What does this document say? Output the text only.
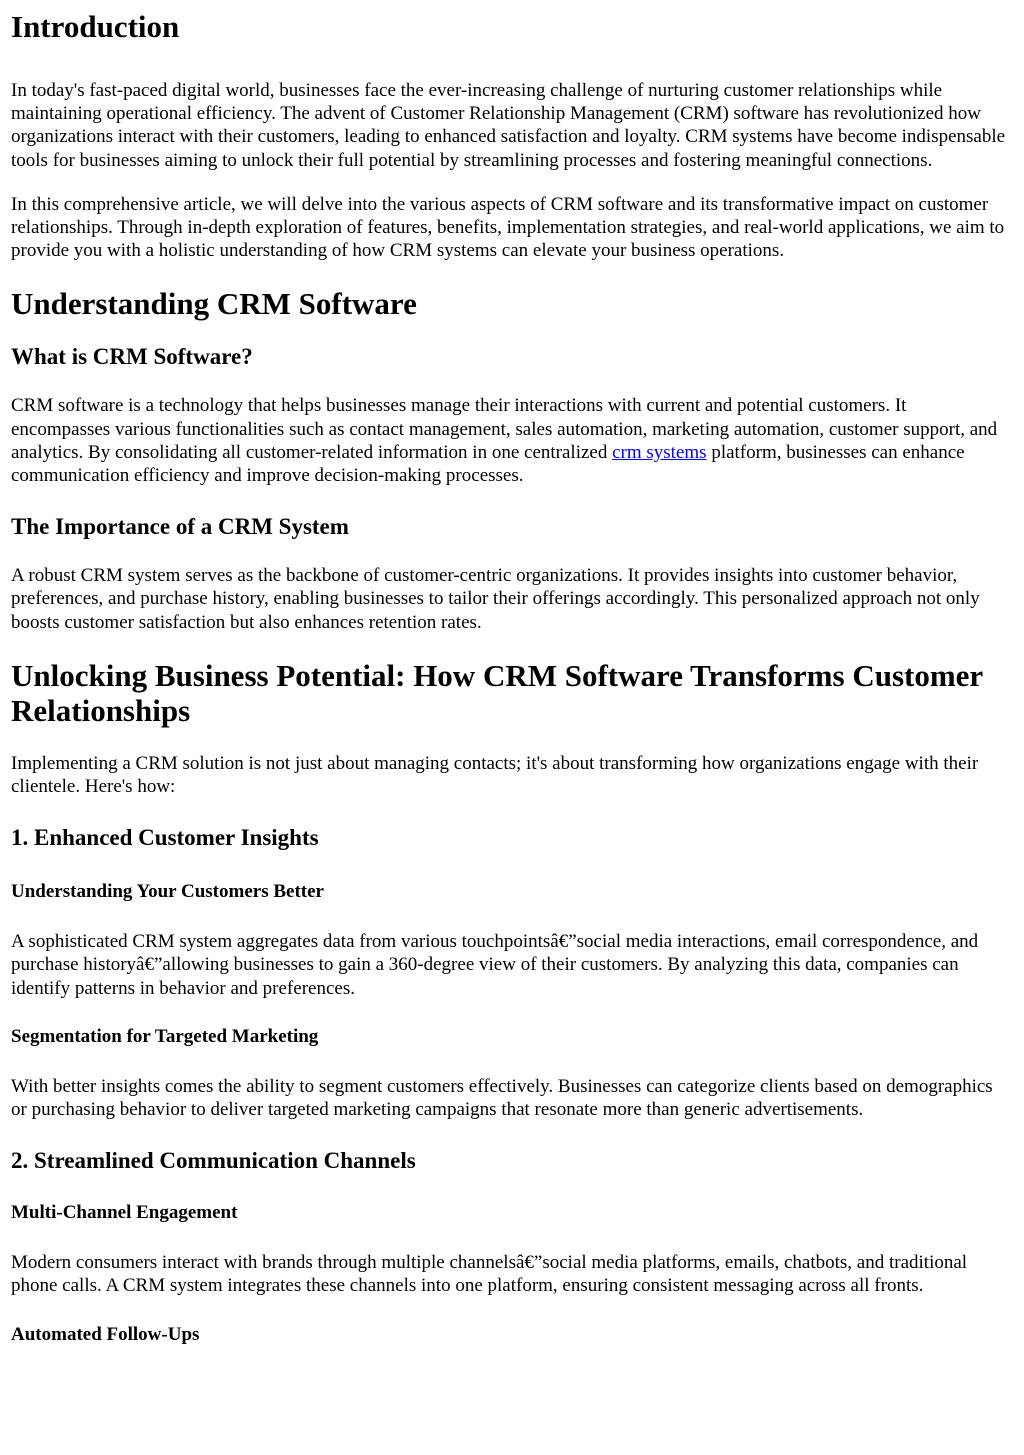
Introduction

In today's fast-paced digital world, businesses face the ever-increasing challenge of nurturing customer relationships while maintaining operational efficiency. The advent of Customer Relationship Management (CRM) software has revolutionized how organizations interact with their customers, leading to enhanced satisfaction and loyalty. CRM systems have become indispensable tools for businesses aiming to unlock their full potential by streamlining processes and fostering meaningful connections.

In this comprehensive article, we will delve into the various aspects of CRM software and its transformative impact on customer relationships. Through in-depth exploration of features, benefits, implementation strategies, and real-world applications, we aim to provide you with a holistic understanding of how CRM systems can elevate your business operations.

Understanding CRM Software
What is CRM Software?

CRM software is a technology that helps businesses manage their interactions with current and potential customers. It encompasses various functionalities such as contact management, sales automation, marketing automation, customer support, and analytics. By consolidating all customer-related information in one centralized crm systems platform, businesses can enhance communication efficiency and improve decision-making processes.

The Importance of a CRM System

A robust CRM system serves as the backbone of customer-centric organizations. It provides insights into customer behavior, preferences, and purchase history, enabling businesses to tailor their offerings accordingly. This personalized approach not only boosts customer satisfaction but also enhances retention rates.

Unlocking Business Potential: How CRM Software Transforms Customer Relationships

Implementing a CRM solution is not just about managing contacts; it's about transforming how organizations engage with their clientele. Here's how:

1. Enhanced Customer Insights
Understanding Your Customers Better

A sophisticated CRM system aggregates data from various touchpointsâ€”social media interactions, email correspondence, and purchase historyâ€”allowing businesses to gain a 360-degree view of their customers. By analyzing this data, companies can identify patterns in behavior and preferences.

Segmentation for Targeted Marketing

With better insights comes the ability to segment customers effectively. Businesses can categorize clients based on demographics or purchasing behavior to deliver targeted marketing campaigns that resonate more than generic advertisements.

2. Streamlined Communication Channels
Multi-Channel Engagement

Modern consumers interact with brands through multiple channelsâ€”social media platforms, emails, chatbots, and traditional phone calls. A CRM system integrates these channels into one platform, ensuring consistent messaging across all fronts.

Automated Follow-Ups
